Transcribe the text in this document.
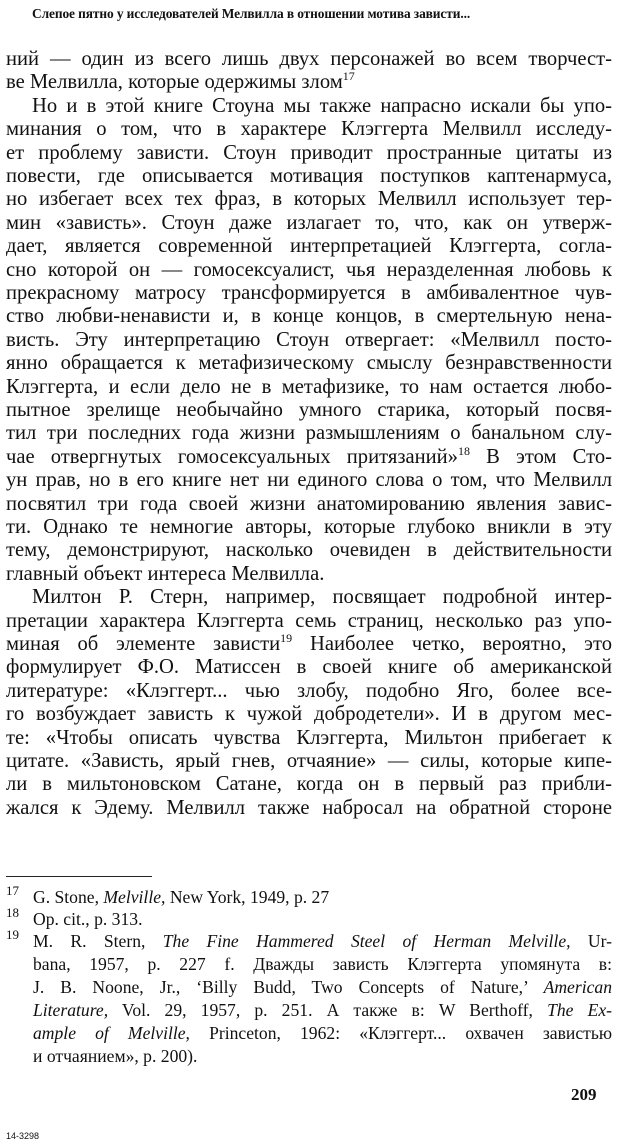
Слепое пятно у исследователей Мелвилла в отношении мотива зависти...
ний — один из всего лишь двух персонажей во всем творчест-
ве Мелвилла, которые одержимы злом$^{17}$
Но и в этой книге Стоуна мы также напрасно искали бы упо-
минания о том, что в характере Клэггерта Мелвилл исследу-
ет проблему зависти. Стоун приводит пространные цитаты из
повести, где описывается мотивация поступков каптенармуса,
но избегает всех тех фраз, в которых Мелвилл использует тер-
мин «зависть». Стоун даже излагает то, что, как он утверж-
дает, является современной интерпретацией Клэггерта, согла-
сно которой он — гомосексуалист, чья неразделенная любовь к
прекрасному матросу трансформируется в амбивалентное чув-
ство любви-ненависти и, в конце концов, в смертельную нена-
висть. Эту интерпретацию Стоун отвергает: «Мелвилл посто-
янно обращается к метафизическому смыслу безнравственности
Клэггерта, и если дело не в метафизике, то нам остается любо-
пытное зрелище необычайно умного старика, который посвя-
тил три последних года жизни размышлениям о банальном слу-
чае отвергнутых гомосексуальных притязаний»$^{18}$ В этом Сто-
ун прав, но в его книге нет ни единого слова о том, что Мелвилл
посвятил три года своей жизни анатомированию явления завис-
ти. Однако те немногие авторы, которые глубоко вникли в эту
тему, демонстрируют, насколько очевиден в действительности
главный объект интереса Мелвилла.
Милтон Р. Стерн, например, посвящает подробной интер-
претации характера Клэггерта семь страниц, несколько раз упо-
миная об элементе зависти$^{19}$ Наиболее четко, вероятно, это
формулирует Ф.О. Матиссен в своей книге об американской
литературе: «Клэггерт... чью злобу, подобно Яго, более все-
го возбуждает зависть к чужой добродетели». И в другом мес-
те: «Чтобы описать чувства Клэггерта, Мильтон прибегает к
цитате. «Зависть, ярый гнев, отчаяние» — силы, которые кипе-
ли в мильтоновском Сатане, когда он в первый раз прибли-
жался к Эдему. Мелвилл также набросал на обратной стороне
209
14-3298
17 G. Stone, Melville, New York, 1949, p. 27
18 Op. cit., p. 313.
19 M. R. Stern, The Fine Hammered Steel of Herman Melville, Ur-
bana, 1957, p. 227 f. Дважды зависть Клэггерта упомянута в:
J. B. Noone, Jr., ‘Billy Budd, Two Concepts of Nature,’ American
Literature, Vol. 29, 1957, p. 251. А также в: W Berthoff, The Ex-
ample of Melville, Princeton, 1962: «Клэггерт... охвачен завистью
и отчаянием», p. 200).
